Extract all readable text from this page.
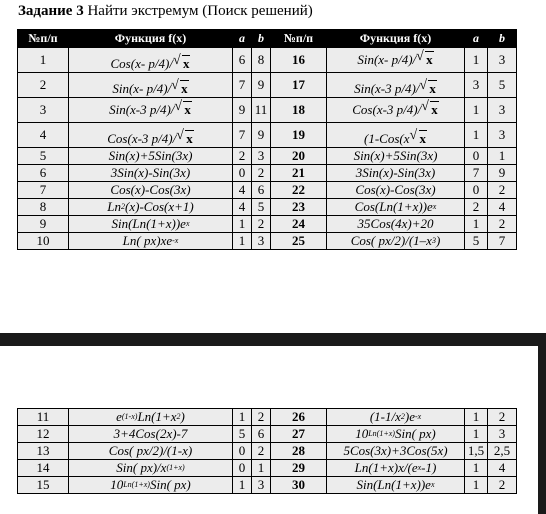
Задание 3 Найти экстремум (Поиск решений)
№п/п	Функция f(x)	a	b	№п/п	Функция f(x)	a	b
1	Cos(x- p/4)/ √ x	6	8	16	Sin(x- p/4)/ √ x	1	3
2	Sin(x- p/4)/ √ x	7	9	17	Sin(x-3 p/4)/ √ x	3	5
3	Sin(x-3 p/4)/ √ x	9	11	18	Cos(x-3 p/4)/ √ x	1	3
4	Cos(x-3 p/4)/ √ x	7	9	19	(1-Cos(x √ x	1	3
5	Sin(x)+5Sin(3x)	2	3	20	Sin(x)+5Sin(3x)	0	1
6	3Sin(x)-Sin(3x)	0	2	21	3Sin(x)-Sin(3x)	7	9
7	Cos(x)-Cos(3x)	4	6	22	Cos(x)-Cos(3x)	0	2
8	$Ln^2(x)-Cos(x+1)$	4	5	23	$Cos(Ln(1+x))e^x$	2	4
9	$Sin(Ln(1+x))e^x$	1	2	24	35Cos(4x)+20	1	2
10	Ln( $px)xe^{-x}$	1	3	25	Cos( $px/2)/(1-x^3)$	5	7
11	$e^{(1-x)}Ln(1+x^2)$	1	2	26	$(1-1/x^2)e^{-x}$	1	2
12	3+4Cos(2x)-7	5	6	27	$10^{Ln(1+x)}Sin$( px)	1	3
13	Cos( px/2)/(1-x)	0	2	28	5Cos(3x)+3Cos(5x)	1,5	2,5
14	Sin( $px)/x^{(1+x)}$	0	1	29	$Ln(1+x)x/(e^x-1)$	1	4
15	$10^{Ln(1+x)}Sin$( px)	1	3	30	$Sin(Ln(1+x))e^x$	1	2
